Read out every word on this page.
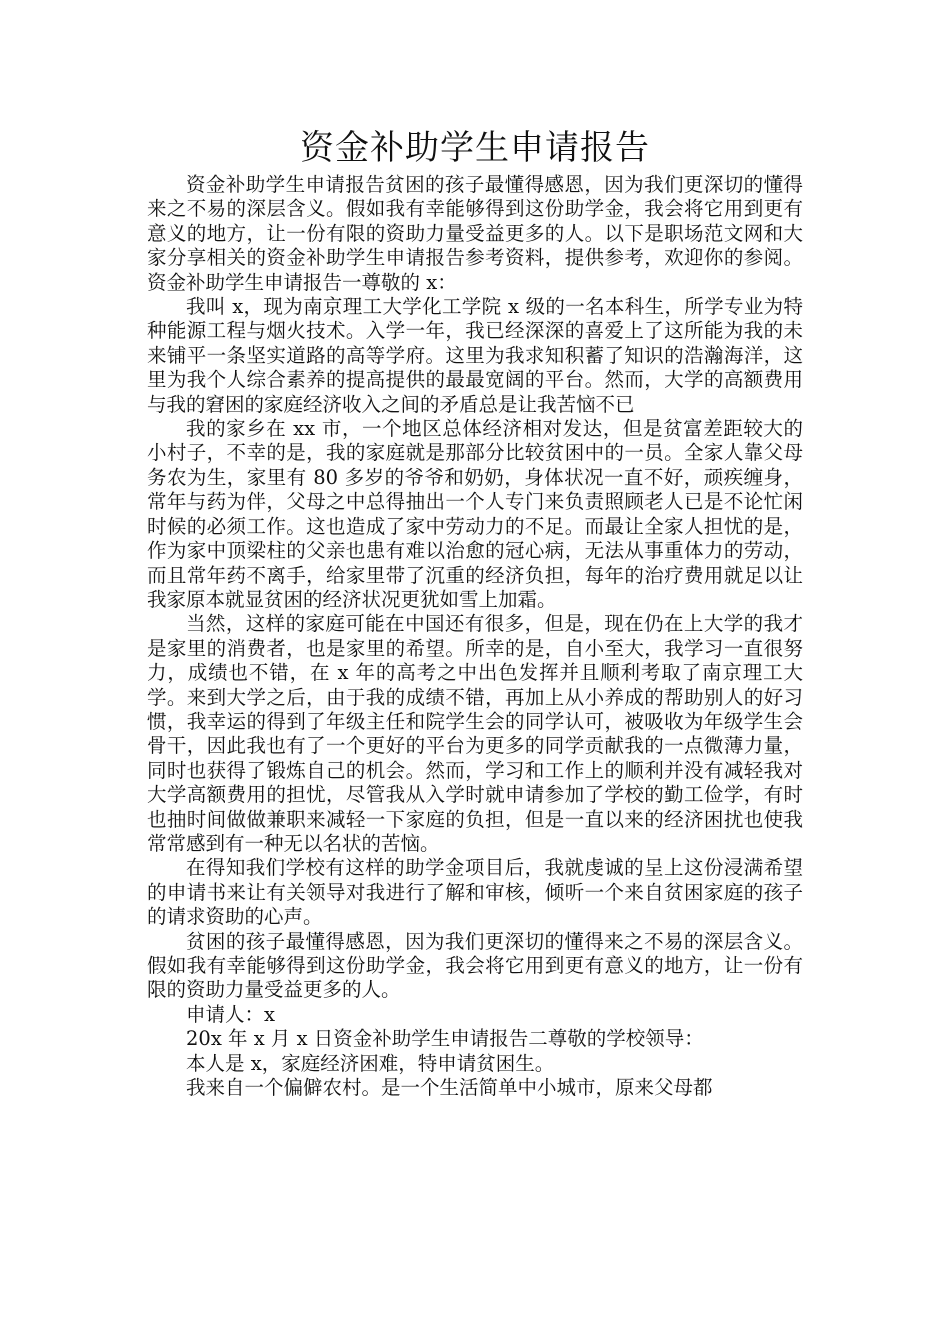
资金补助学生申请报告

资金补助学生申请报告贫困的孩子最懂得感恩，因为我们更深切的懂得来之不易的深层含义。假如我有幸能够得到这份助学金，我会将它用到更有意义的地方，让一份有限的资助力量受益更多的人。以下是职场范文网和大家分享相关的资金补助学生申请报告参考资料，提供参考，欢迎你的参阅。资金补助学生申请报告一尊敬的 x：

我叫 x，现为南京理工大学化工学院 x 级的一名本科生，所学专业为特种能源工程与烟火技术。入学一年，我已经深深的喜爱上了这所能为我的未来铺平一条坚实道路的高等学府。这里为我求知积蓄了知识的浩瀚海洋，这里为我个人综合素养的提高提供的最最宽阔的平台。然而，大学的高额费用与我的窘困的家庭经济收入之间的矛盾总是让我苦恼不已

我的家乡在 xx 市，一个地区总体经济相对发达，但是贫富差距较大的小村子，不幸的是，我的家庭就是那部分比较贫困中的一员。全家人靠父母务农为生，家里有 80 多岁的爷爷和奶奶，身体状况一直不好，顽疾缠身，常年与药为伴，父母之中总得抽出一个人专门来负责照顾老人已是不论忙闲时候的必须工作。这也造成了家中劳动力的不足。而最让全家人担忧的是，作为家中顶梁柱的父亲也患有难以治愈的冠心病，无法从事重体力的劳动，而且常年药不离手，给家里带了沉重的经济负担，每年的治疗费用就足以让我家原本就显贫困的经济状况更犹如雪上加霜。

当然，这样的家庭可能在中国还有很多，但是，现在仍在上大学的我才是家里的消费者，也是家里的希望。所幸的是，自小至大，我学习一直很努力，成绩也不错，在 x 年的高考之中出色发挥并且顺利考取了南京理工大学。来到大学之后，由于我的成绩不错，再加上从小养成的帮助别人的好习惯，我幸运的得到了年级主任和院学生会的同学认可，被吸收为年级学生会骨干，因此我也有了一个更好的平台为更多的同学贡献我的一点微薄力量，同时也获得了锻炼自己的机会。然而，学习和工作上的顺利并没有减轻我对大学高额费用的担忧，尽管我从入学时就申请参加了学校的勤工俭学，有时也抽时间做做兼职来减轻一下家庭的负担，但是一直以来的经济困扰也使我常常感到有一种无以名状的苦恼。

在得知我们学校有这样的助学金项目后，我就虔诚的呈上这份浸满希望的申请书来让有关领导对我进行了解和审核，倾听一个来自贫困家庭的孩子的请求资助的心声。

贫困的孩子最懂得感恩，因为我们更深切的懂得来之不易的深层含义。假如我有幸能够得到这份助学金，我会将它用到更有意义的地方，让一份有限的资助力量受益更多的人。

申请人：x

20x 年 x 月 x 日资金补助学生申请报告二尊敬的学校领导：

本人是 x，家庭经济困难，特申请贫困生。

我来自一个偏僻农村。是一个生活简单中小城市，原来父母都
